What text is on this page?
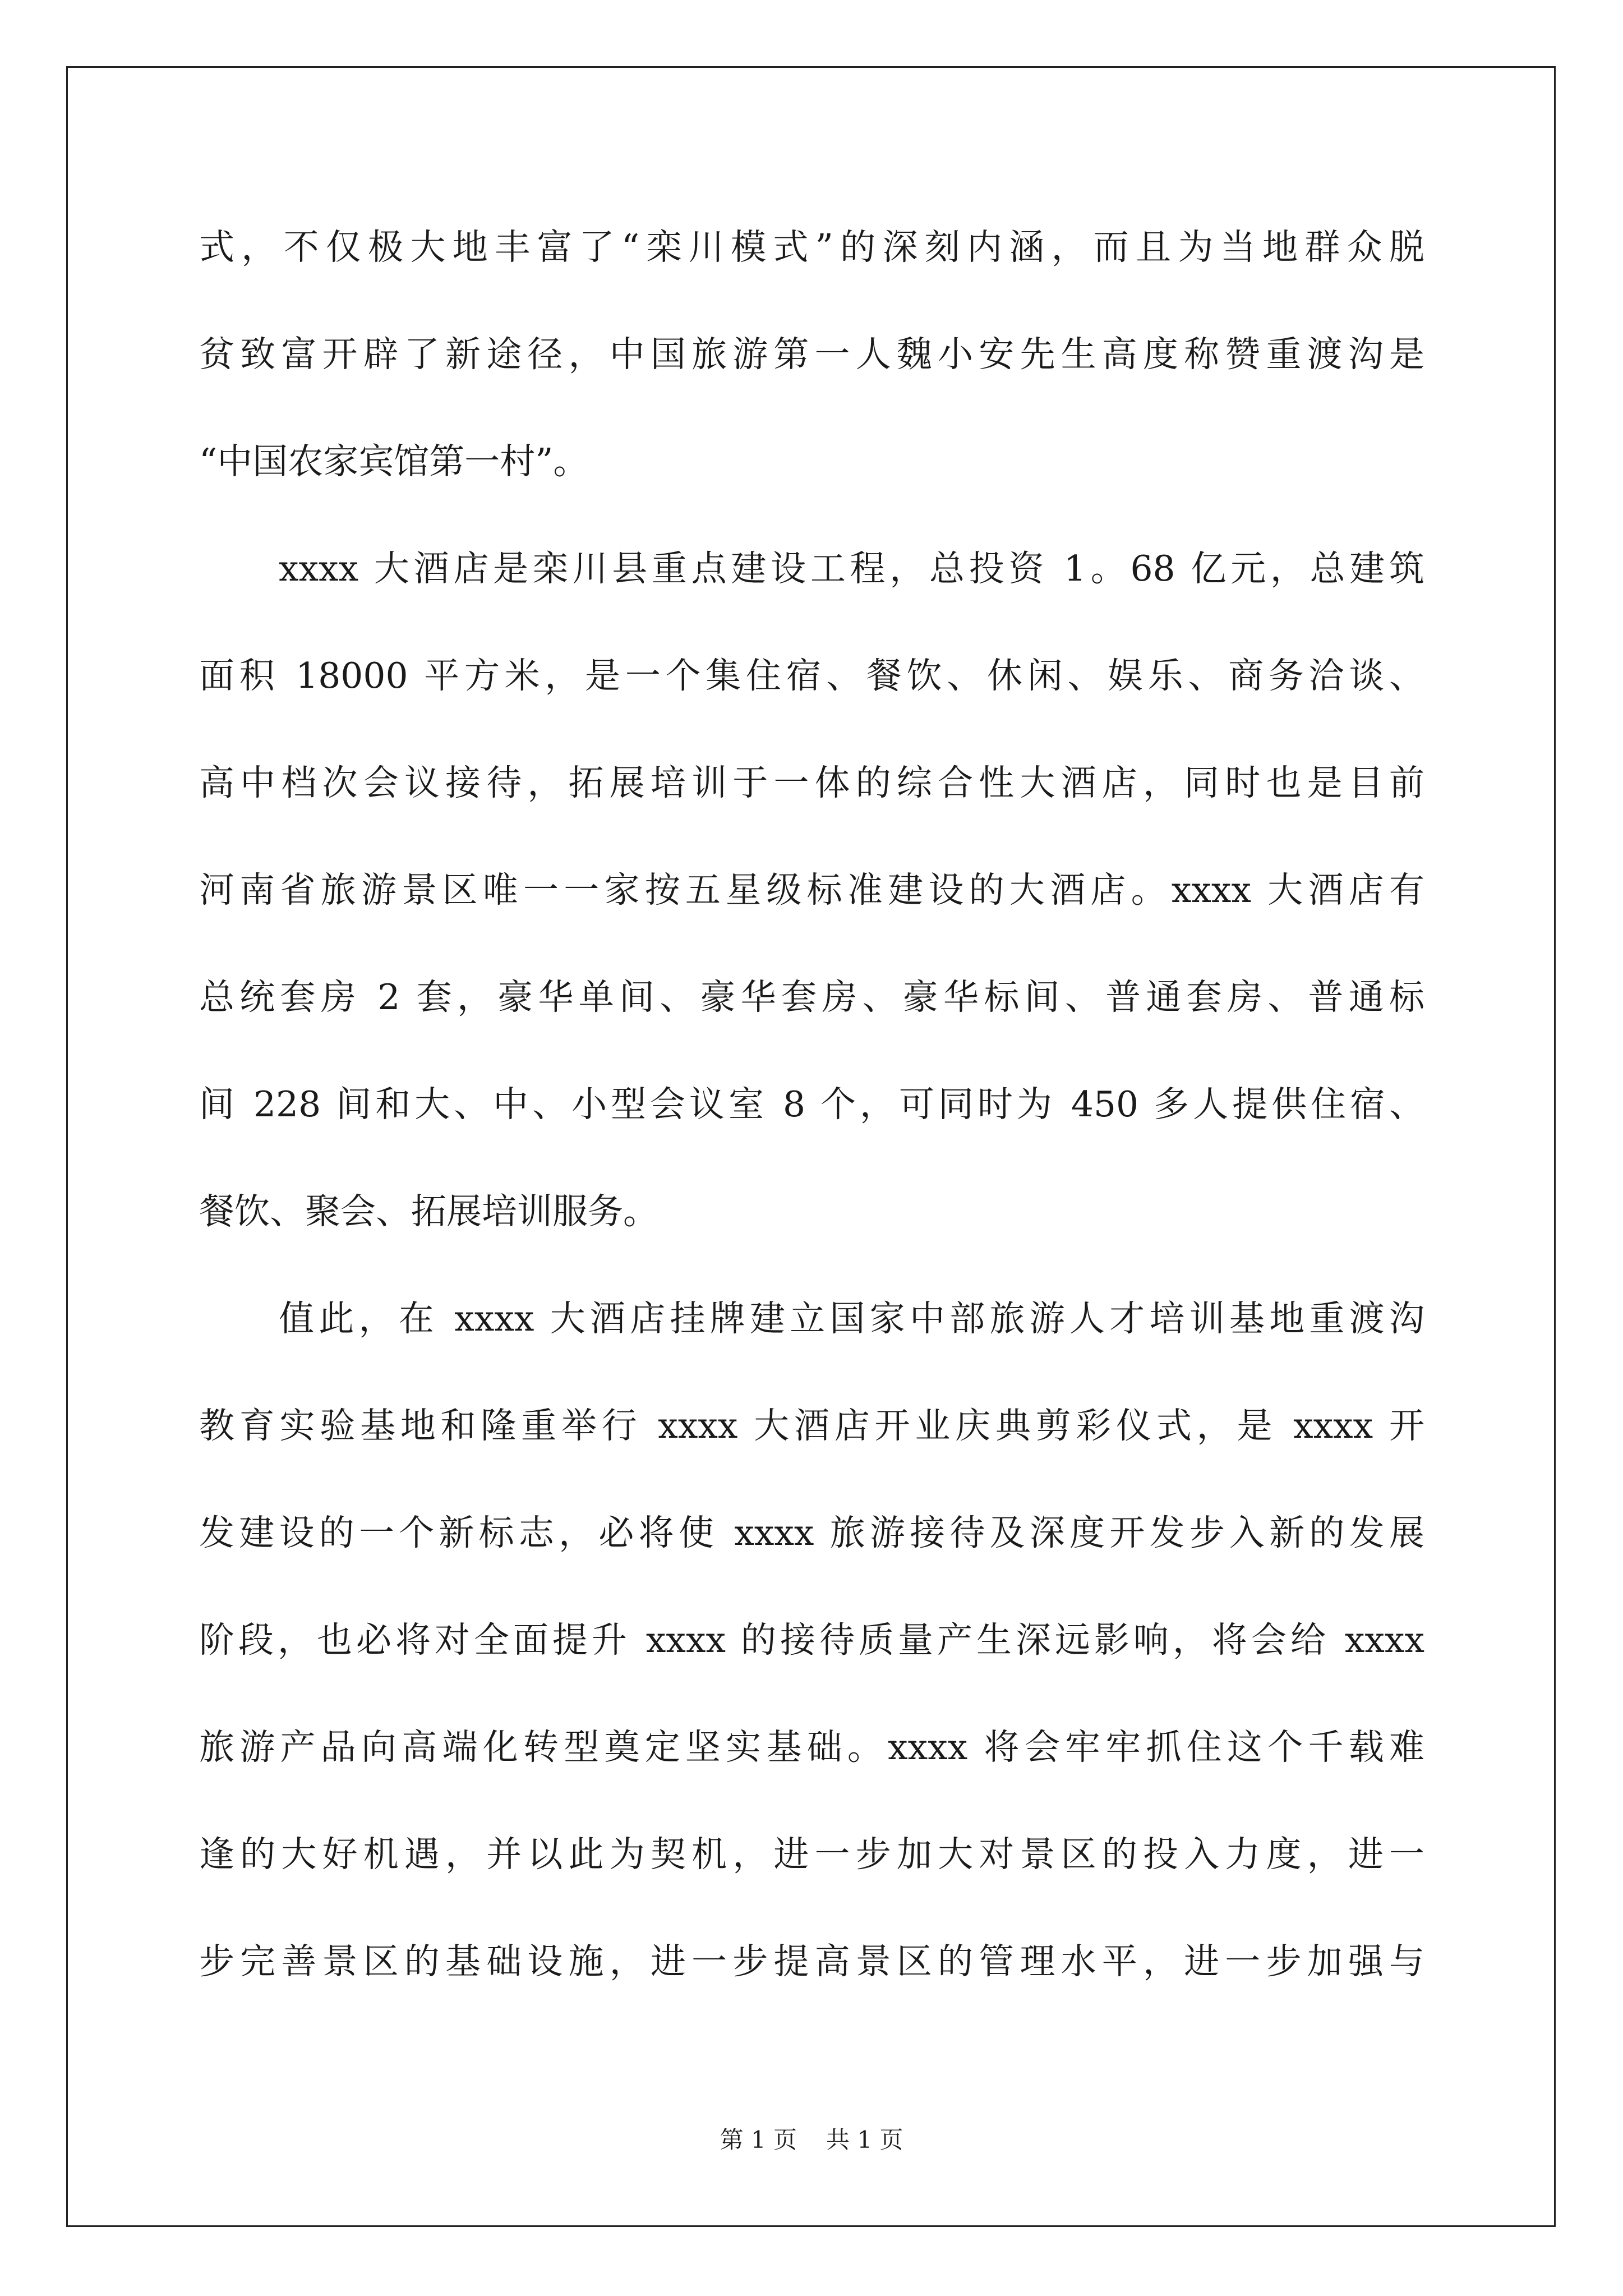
式，不仅极大地丰富了“栾川模式”的深刻内涵，而且为当地群众脱
贫致富开辟了新途径，中国旅游第一人魏小安先生高度称赞重渡沟是
“中国农家宾馆第一村”。
xxxx 大酒店是栾川县重点建设工程，总投资 1。68 亿元，总建筑
面积 18000 平方米，是一个集住宿、餐饮、休闲、娱乐、商务洽谈、
高中档次会议接待，拓展培训于一体的综合性大酒店，同时也是目前
河南省旅游景区唯一一家按五星级标准建设的大酒店。xxxx 大酒店有
总统套房 2 套，豪华单间、豪华套房、豪华标间、普通套房、普通标
间 228 间和大、中、小型会议室 8 个，可同时为 450 多人提供住宿、
餐饮、聚会、拓展培训服务。
值此，在 xxxx 大酒店挂牌建立国家中部旅游人才培训基地重渡沟
教育实验基地和隆重举行 xxxx 大酒店开业庆典剪彩仪式，是 xxxx 开
发建设的一个新标志，必将使 xxxx 旅游接待及深度开发步入新的发展
阶段，也必将对全面提升 xxxx 的接待质量产生深远影响，将会给 xxxx
旅游产品向高端化转型奠定坚实基础。xxxx 将会牢牢抓住这个千载难
逢的大好机遇，并以此为契机，进一步加大对景区的投入力度，进一
步完善景区的基础设施，进一步提高景区的管理水平，进一步加强与
第 1 页 共 1 页
